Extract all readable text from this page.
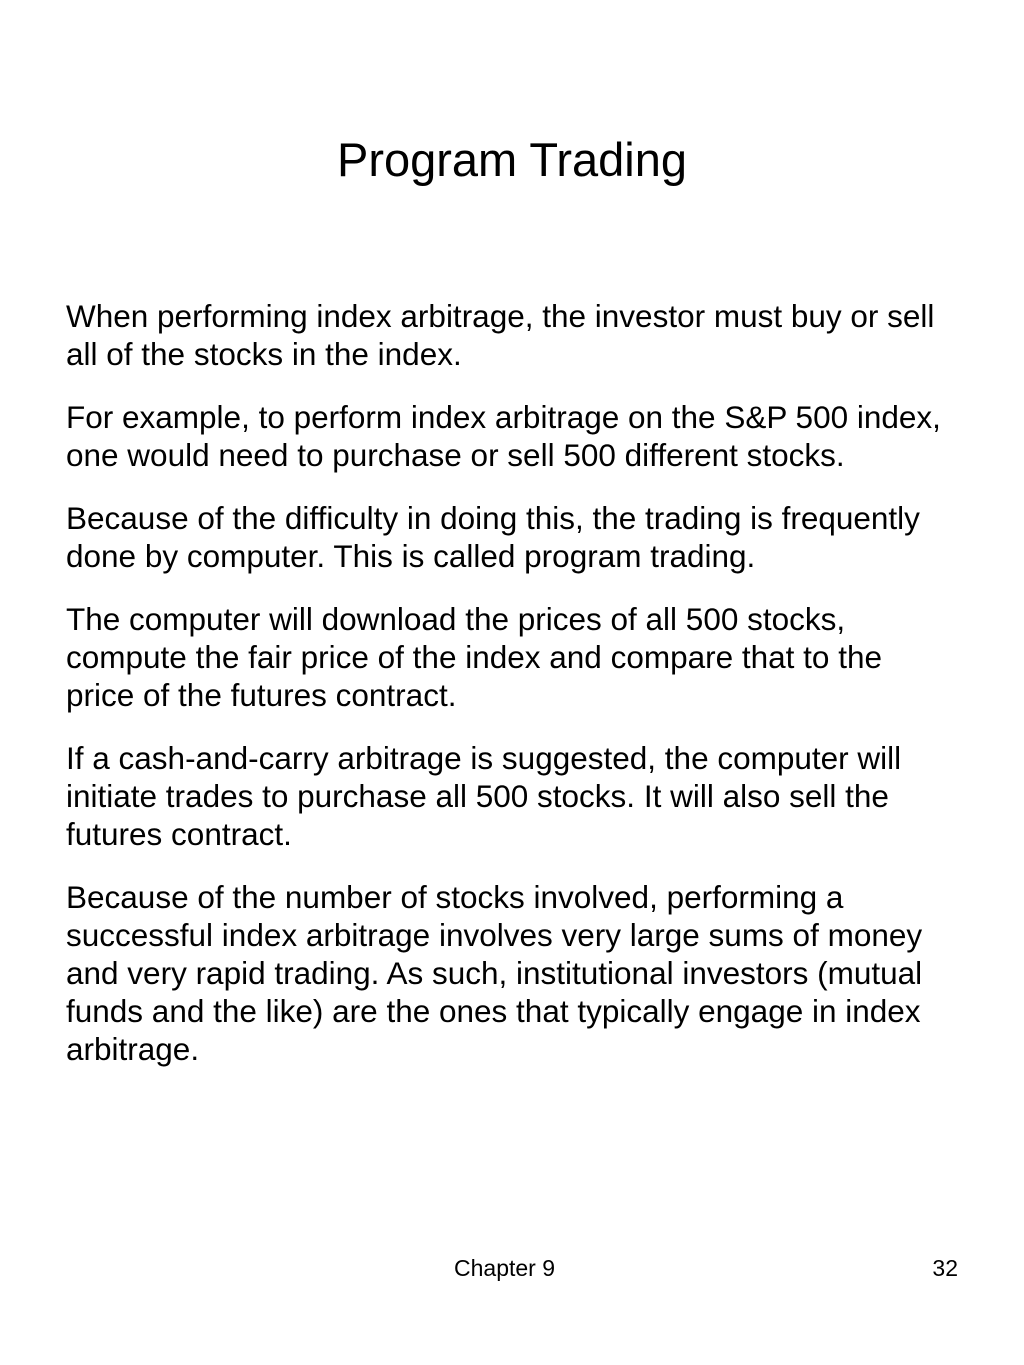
Program Trading

When performing index arbitrage, the investor must buy or sell all of the stocks in the index.

For example, to perform index arbitrage on the S&P 500 index, one would need to purchase or sell 500 different stocks.

Because of the difficulty in doing this, the trading is frequently done by computer. This is called program trading.

The computer will download the prices of all 500 stocks, compute the fair price of the index and compare that to the price of the futures contract.

If a cash-and-carry arbitrage is suggested, the computer will initiate trades to purchase all 500 stocks. It will also sell the futures contract.

Because of the number of stocks involved, performing a successful index arbitrage involves very large sums of money and very rapid trading. As such, institutional investors (mutual funds and the like) are the ones that typically engage in index arbitrage.

Chapter 9	32
